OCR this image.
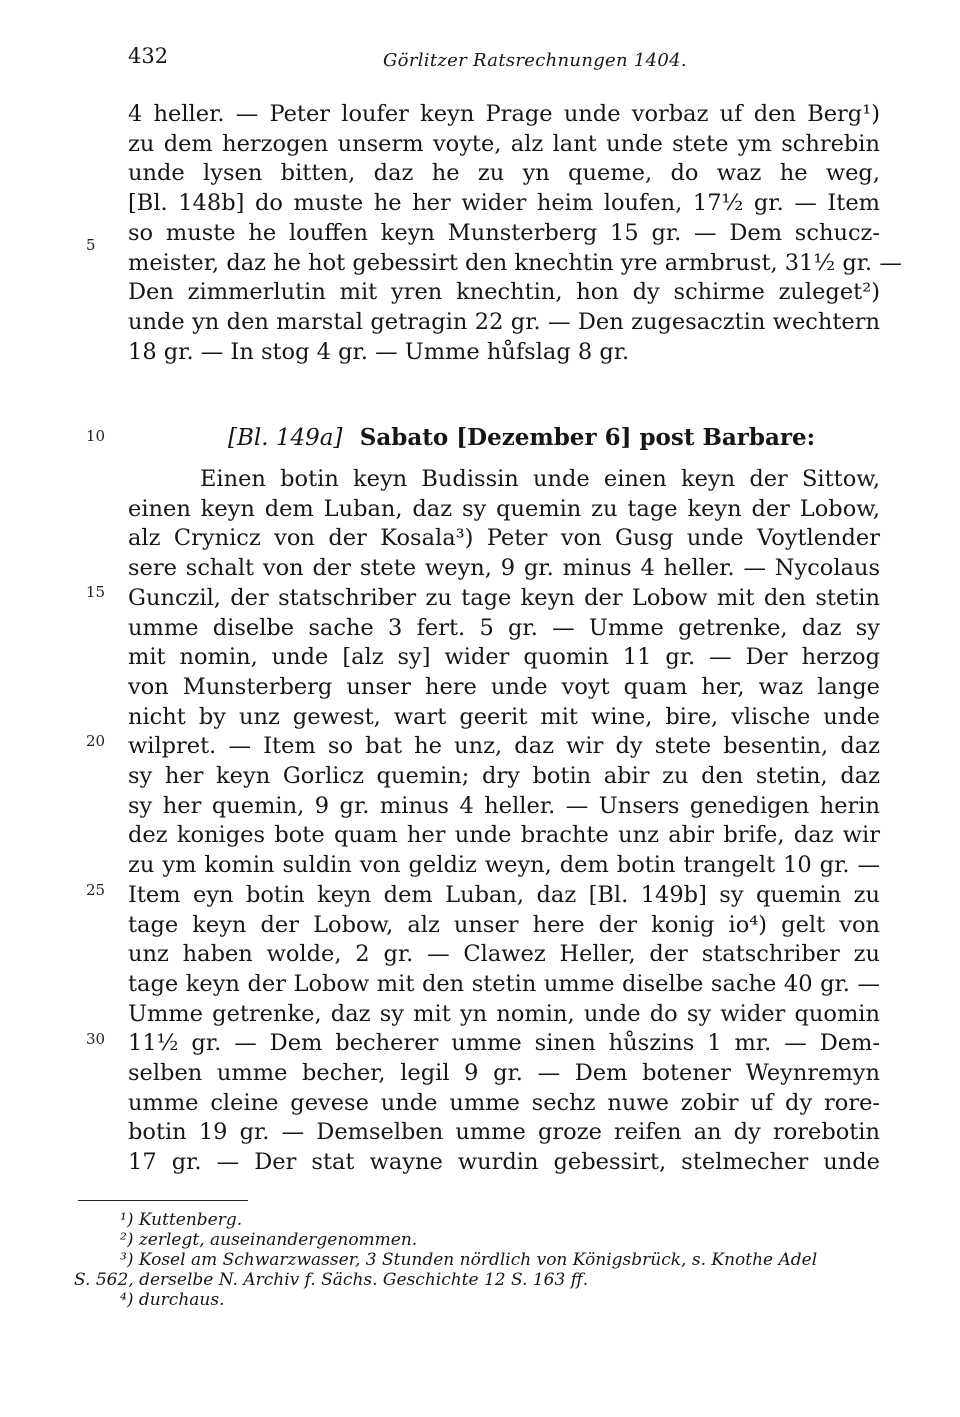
432	Görlitzer Ratsrechnungen 1404.
4 heller. — Peter loufer keyn Prage unde vorbaz uf den Berg¹)
zu dem herzogen unserm voyte, alz lant unde stete ym schrebin
unde lysen bitten, daz he zu yn queme, do waz he weg,
[Bl. 148b] do muste he her wider heim loufen, 17½ gr. — Item
so muste he louffen keyn Munsterberg 15 gr. — Dem schucz-
meister, daz he hot gebessirt den knechtin yre armbrust, 31½ gr. —
Den zimmerlutin mit yren knechtin, hon dy schirme zuleget²)
unde yn den marstal getragin 22 gr. — Den zugesacztin wechtern
18 gr. — In stog 4 gr. — Umme hůfslag 8 gr.
[Bl. 149a] Sabato [Dezember 6] post Barbare:
Einen botin keyn Budissin unde einen keyn der Sittow,
einen keyn dem Luban, daz sy quemin zu tage keyn der Lobow,
alz Crynicz von der Kosala³) Peter von Gusg unde Voytlender
sere schalt von der stete weyn, 9 gr. minus 4 heller. — Nycolaus
Gunczil, der statschriber zu tage keyn der Lobow mit den stetin
umme diselbe sache 3 fert. 5 gr. — Umme getrenke, daz sy
mit nomin, unde [alz sy] wider quomin 11 gr. — Der herzog
von Munsterberg unser here unde voyt quam her, waz lange
nicht by unz gewest, wart geerit mit wine, bire, vlische unde
wilpret. — Item so bat he unz, daz wir dy stete besentin, daz
sy her keyn Gorlicz quemin; dry botin abir zu den stetin, daz
sy her quemin, 9 gr. minus 4 heller. — Unsers genedigen herin
dez koniges bote quam her unde brachte unz abir brife, daz wir
zu ym komin suldin von geldiz weyn, dem botin trangelt 10 gr. —
Item eyn botin keyn dem Luban, daz [Bl. 149b] sy quemin zu
tage keyn der Lobow, alz unser here der konig io⁴) gelt von
unz haben wolde, 2 gr. — Clawez Heller, der statschriber zu
tage keyn der Lobow mit den stetin umme diselbe sache 40 gr. —
Umme getrenke, daz sy mit yn nomin, unde do sy wider quomin
11½ gr. — Dem becherer umme sinen hůszins 1 mr. — Dem-
selben umme becher, legil 9 gr. — Dem botener Weynremyn
umme cleine gevese unde umme sechz nuwe zobir uf dy rore-
botin 19 gr. — Demselben umme groze reifen an dy rorebotin
17 gr. — Der stat wayne wurdin gebessirt, stelmecher unde
5
10
15
20
25
30
¹) Kuttenberg.
²) zerlegt, auseinandergenommen.
³) Kosel am Schwarzwasser, 3 Stunden nördlich von Königsbrück, s. Knothe Adel
S. 562, derselbe N. Archiv f. Sächs. Geschichte 12 S. 163 ff.
⁴) durchaus.
